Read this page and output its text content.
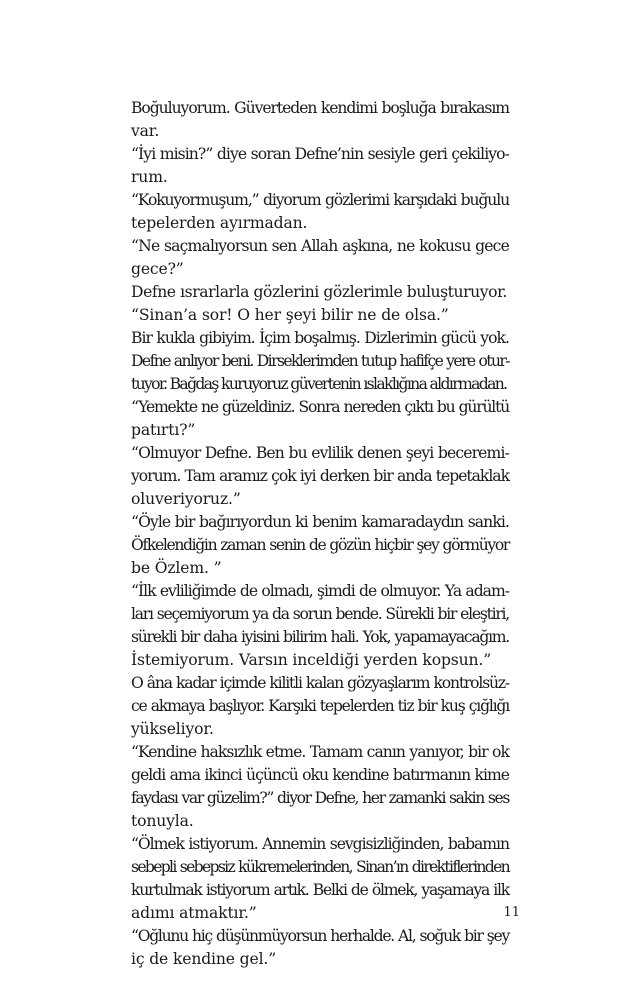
Boğuluyorum. Güverteden kendimi boşluğa bırakasım
var.
“İyi misin?” diye soran Defne’nin sesiyle geri çekiliyo-
rum.
“Kokuyormuşum,” diyorum gözlerimi karşıdaki buğulu
tepelerden ayırmadan.
“Ne saçmalıyorsun sen Allah aşkına, ne kokusu gece
gece?”
Defne ısrarlarla gözlerini gözlerimle buluşturuyor.
“Sinan’a sor! O her şeyi bilir ne de olsa.”
Bir kukla gibiyim. İçim boşalmış. Dizlerimin gücü yok.
Defne anlıyor beni. Dirseklerimden tutup hafifçe yere otur-
tuyor. Bağdaş kuruyoruz güvertenin ıslaklığına aldırmadan.
“Yemekte ne güzeldiniz. Sonra nereden çıktı bu gürültü
patırtı?”
“Olmuyor Defne. Ben bu evlilik denen şeyi beceremi-
yorum. Tam aramız çok iyi derken bir anda tepetaklak
oluveriyoruz.”
“Öyle bir bağırıyordun ki benim kamaradaydın sanki.
Öfkelendiğin zaman senin de gözün hiçbir şey görmüyor
be Özlem. ”
“İlk evliliğimde de olmadı, şimdi de olmuyor. Ya adam-
ları seçemiyorum ya da sorun bende. Sürekli bir eleştiri,
sürekli bir daha iyisini bilirim hali. Yok, yapamayacağım.
İstemiyorum. Varsın inceldiği yerden kopsun.”
O âna kadar içimde kilitli kalan gözyaşlarım kontrolsüz-
ce akmaya başlıyor. Karşıki tepelerden tiz bir kuş çığlığı
yükseliyor.
“Kendine haksızlık etme. Tamam canın yanıyor, bir ok
geldi ama ikinci üçüncü oku kendine batırmanın kime
faydası var güzelim?” diyor Defne, her zamanki sakin ses
tonuyla.
“Ölmek istiyorum. Annemin sevgisizliğinden, babamın
sebepli sebepsiz kükremelerinden, Sinan’ın direktiflerinden
kurtulmak istiyorum artık. Belki de ölmek, yaşamaya ilk
adımı atmaktır.”
“Oğlunu hiç düşünmüyorsun herhalde. Al, soğuk bir şey
iç de kendine gel.”
11
